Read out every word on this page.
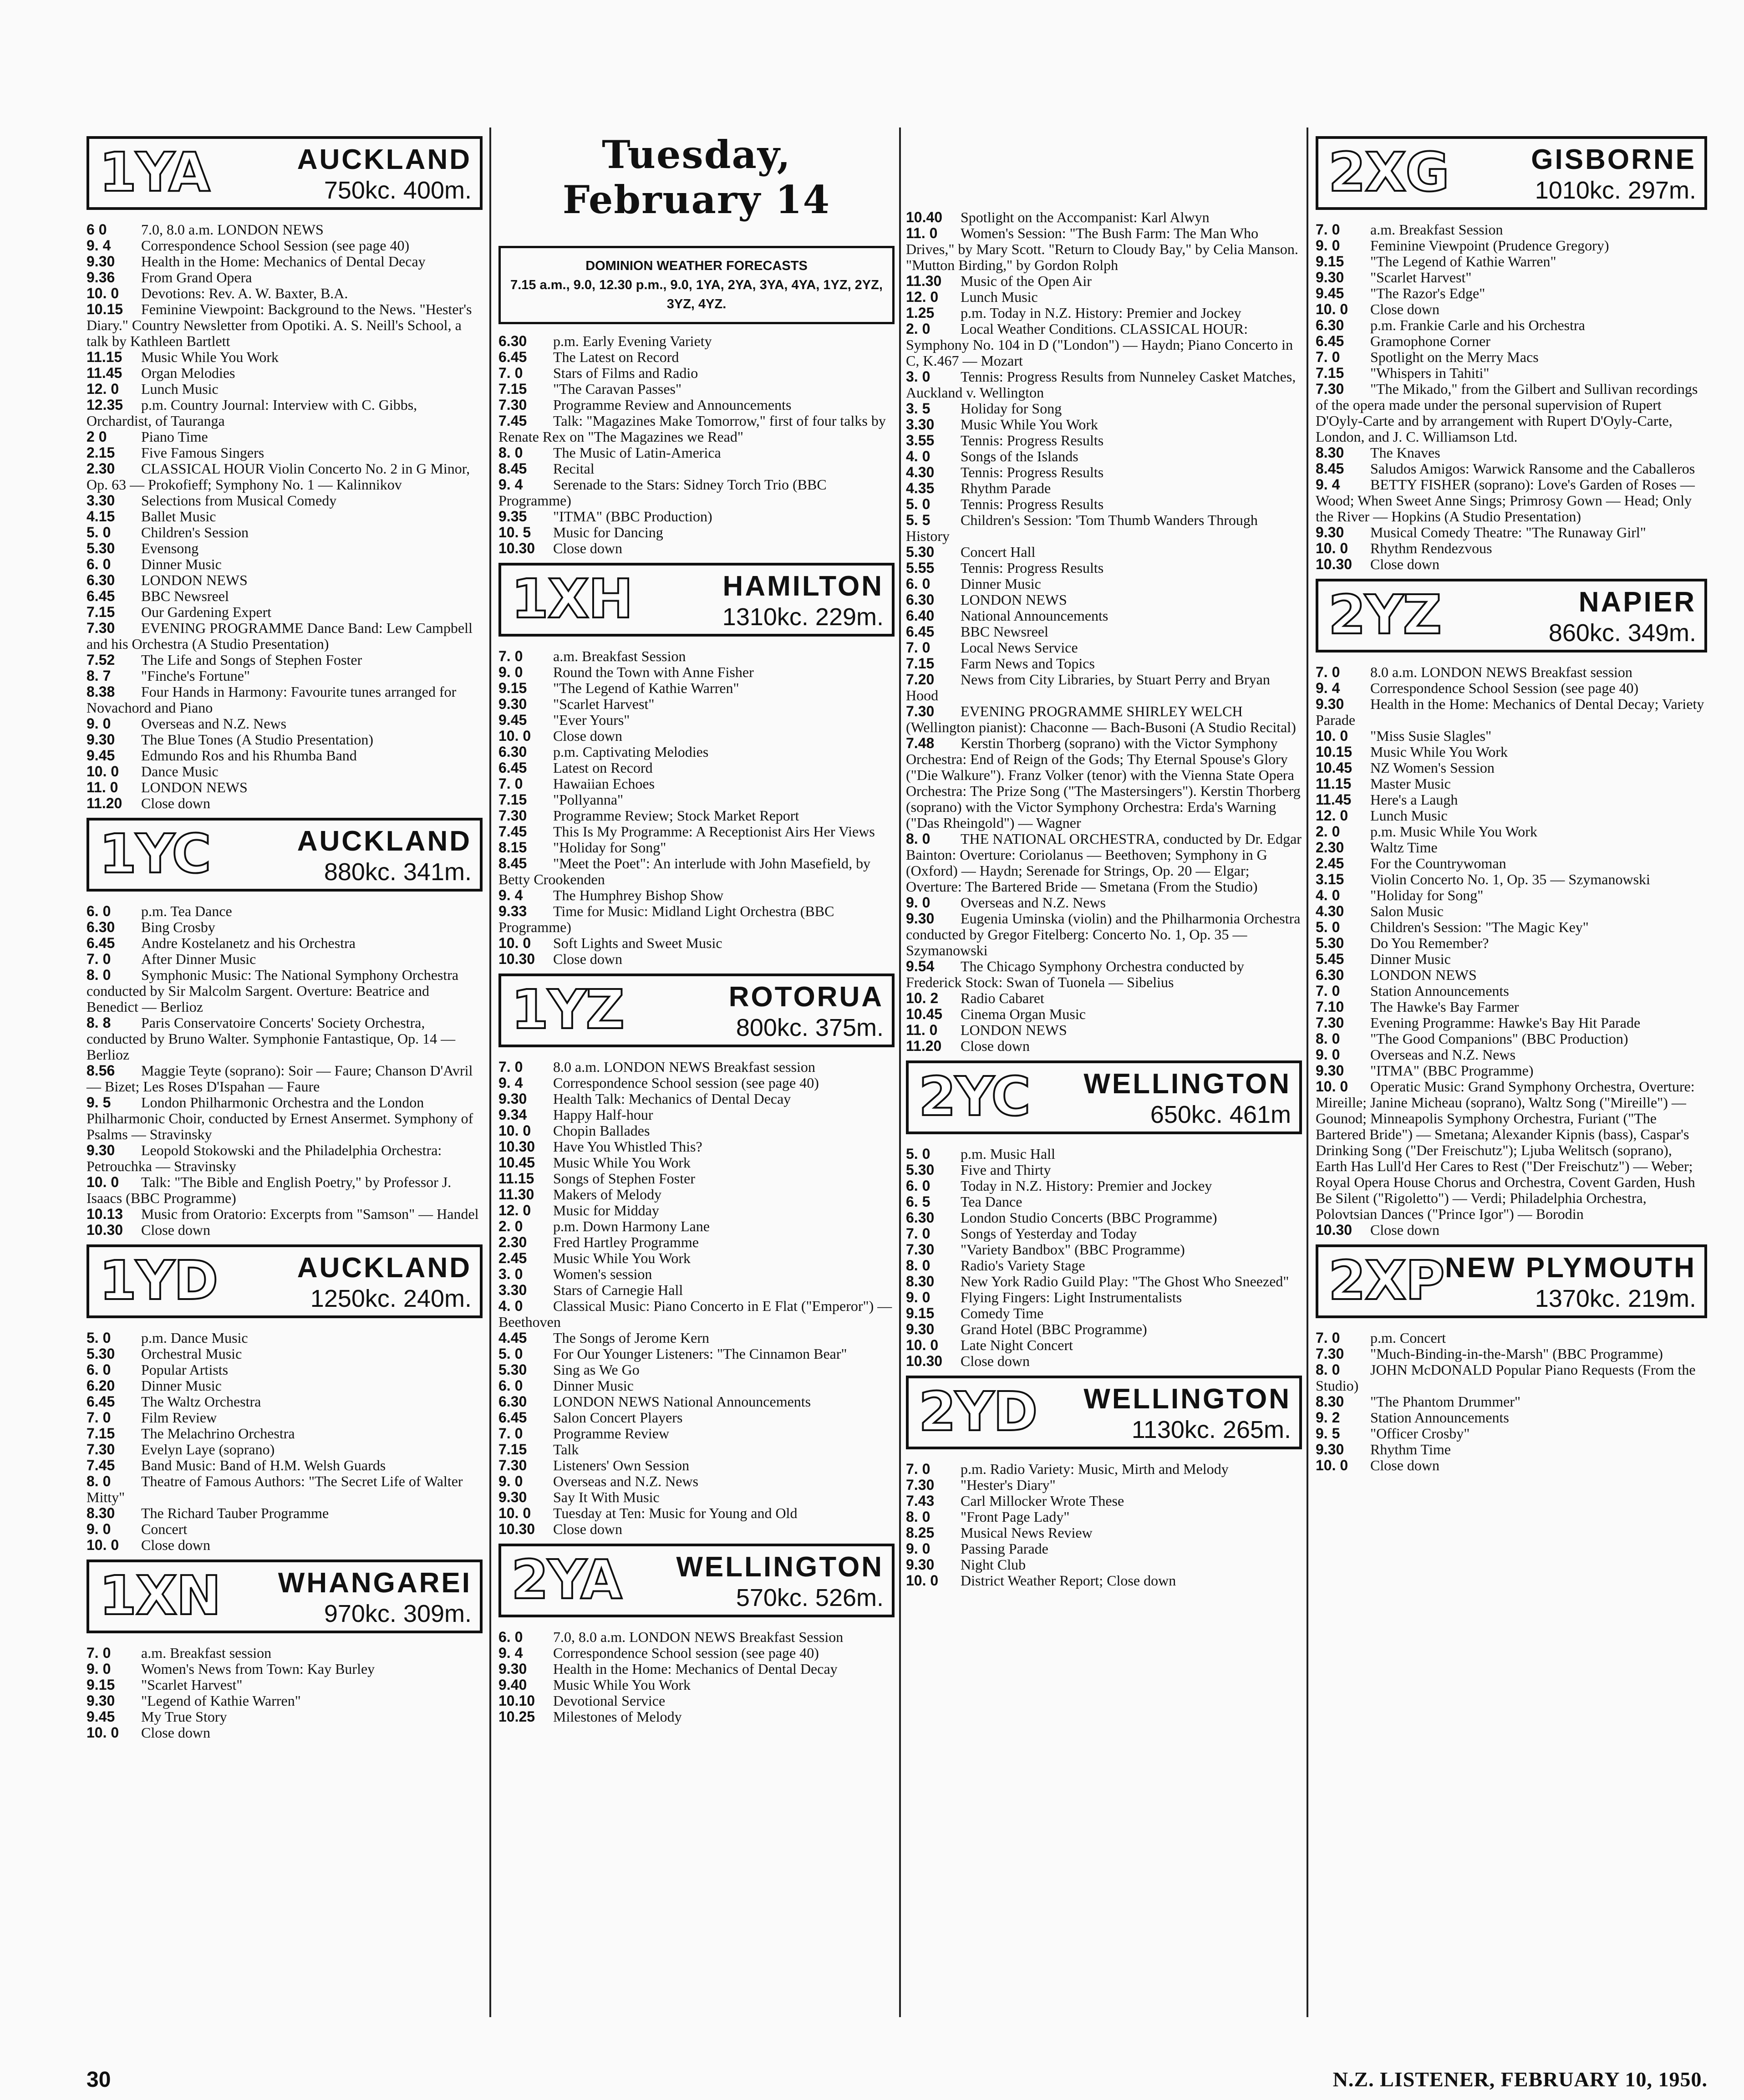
Tuesday, February 14
1YA	AUCKLAND
750kc. 400m.

6 0 7.0, 8.0 a.m. LONDON NEWS

9. 4 Correspondence School Session (see page 40)

9.30 Health in the Home: Mechanics of Dental Decay

9.36 From Grand Opera

10. 0 Devotions: Rev. A. W. Baxter, B.A.

10.15 Feminine Viewpoint: Background to the News. "Hester's Diary." Country Newsletter from Opotiki. A. S. Neill's School, a talk by Kathleen Bartlett

11.15 Music While You Work

11.45 Organ Melodies

12. 0 Lunch Music

12.35 p.m. Country Journal: Interview with C. Gibbs, Orchardist, of Tauranga

2 0 Piano Time

2.15 Five Famous Singers

2.30 CLASSICAL HOUR Violin Concerto No. 2 in G Minor, Op. 63 — Prokofieff; Symphony No. 1 — Kalinnikov

3.30 Selections from Musical Comedy

4.15 Ballet Music

5. 0 Children's Session

5.30 Evensong

6. 0 Dinner Music

6.30 LONDON NEWS

6.45 BBC Newsreel

7.15 Our Gardening Expert

7.30 EVENING PROGRAMME Dance Band: Lew Campbell and his Orchestra (A Studio Presentation)

7.52 The Life and Songs of Stephen Foster

8. 7 "Finche's Fortune"

8.38 Four Hands in Harmony: Favourite tunes arranged for Novachord and Piano

9. 0 Overseas and N.Z. News

9.30 The Blue Tones (A Studio Presentation)

9.45 Edmundo Ros and his Rhumba Band

10. 0 Dance Music

11. 0 LONDON NEWS

11.20 Close down

1YC	AUCKLAND
880kc. 341m.

6. 0 p.m. Tea Dance

6.30 Bing Crosby

6.45 Andre Kostelanetz and his Orchestra

7. 0 After Dinner Music

8. 0 Symphonic Music: The National Symphony Orchestra conducted by Sir Malcolm Sargent. Overture: Beatrice and Benedict — Berlioz

8. 8 Paris Conservatoire Concerts' Society Orchestra, conducted by Bruno Walter. Symphonie Fantastique, Op. 14 — Berlioz

8.56 Maggie Teyte (soprano): Soir — Faure; Chanson D'Avril — Bizet; Les Roses D'Ispahan — Faure

9. 5 London Philharmonic Orchestra and the London Philharmonic Choir, conducted by Ernest Ansermet. Symphony of Psalms — Stravinsky

9.30 Leopold Stokowski and the Philadelphia Orchestra: Petrouchka — Stravinsky

10. 0 Talk: "The Bible and English Poetry," by Professor J. Isaacs (BBC Programme)

10.13 Music from Oratorio: Excerpts from "Samson" — Handel

10.30 Close down

1YD	AUCKLAND
1250kc. 240m.

5. 0 p.m. Dance Music

5.30 Orchestral Music

6. 0 Popular Artists

6.20 Dinner Music

6.45 The Waltz Orchestra

7. 0 Film Review

7.15 The Melachrino Orchestra

7.30 Evelyn Laye (soprano)

7.45 Band Music: Band of H.M. Welsh Guards

8. 0 Theatre of Famous Authors: "The Secret Life of Walter Mitty"

8.30 The Richard Tauber Programme

9. 0 Concert

10. 0 Close down

1XN WHANGAREI
970kc. 309m.

7. 0 a.m. Breakfast session

9. 0 Women's News from Town: Kay Burley

9.15 "Scarlet Harvest"

9.30 "Legend of Kathie Warren"

9.45 My True Story

10. 0 Close down

DOMINION WEATHER FORECASTS
7.15 a.m., 9.0, 12.30 p.m., 9.0, 1YA, 2YA, 3YA, 4YA, 1YZ, 2YZ, 3YZ, 4YZ.

6.30 p.m. Early Evening Variety

6.45 The Latest on Record

7. 0 Stars of Films and Radio

7.15 "The Caravan Passes"

7.30 Programme Review and Announcements

7.45 Talk: "Magazines Make Tomorrow," first of four talks by Renate Rex on "The Magazines we Read"

8. 0 The Music of Latin-America

8.45 Recital

9. 4 Serenade to the Stars: Sidney Torch Trio (BBC Programme)

9.35 "ITMA" (BBC Production)

10. 5 Music for Dancing

10.30 Close down

1XH	HAMILTON
1310kc. 229m.

7. 0 a.m. Breakfast Session

9. 0 Round the Town with Anne Fisher

9.15 "The Legend of Kathie Warren"

9.30 "Scarlet Harvest"

9.45 "Ever Yours"

10. 0 Close down

6.30 p.m. Captivating Melodies

6.45 Latest on Record

7. 0 Hawaiian Echoes

7.15 "Pollyanna"

7.30 Programme Review; Stock Market Report

7.45 This Is My Programme: A Receptionist Airs Her Views

8.15 "Holiday for Song"

8.45 "Meet the Poet": An interlude with John Masefield, by Betty Crookenden

9. 4 The Humphrey Bishop Show

9.33 Time for Music: Midland Light Orchestra (BBC Programme)

10. 0 Soft Lights and Sweet Music

10.30 Close down

1YZ	ROTORUA
800kc. 375m.

7. 0 8.0 a.m. LONDON NEWS Breakfast session

9. 4 Correspondence School session (see page 40)

9.30 Health Talk: Mechanics of Dental Decay

9.34 Happy Half-hour

10. 0 Chopin Ballades

10.30 Have You Whistled This?

10.45 Music While You Work

11.15 Songs of Stephen Foster

11.30 Makers of Melody

12. 0 Music for Midday

2. 0 p.m. Down Harmony Lane

2.30 Fred Hartley Programme

2.45 Music While You Work

3. 0 Women's session

3.30 Stars of Carnegie Hall

4. 0 Classical Music: Piano Concerto in E Flat ("Emperor") — Beethoven

4.45 The Songs of Jerome Kern

5. 0 For Our Younger Listeners: "The Cinnamon Bear"

5.30 Sing as We Go

6. 0 Dinner Music

6.30 LONDON NEWS National Announcements

6.45 Salon Concert Players

7. 0 Programme Review

7.15 Talk

7.30 Listeners' Own Session

9. 0 Overseas and N.Z. News

9.30 Say It With Music

10. 0 Tuesday at Ten: Music for Young and Old

10.30 Close down

2YA WELLINGTON
570kc. 526m.

6. 0 7.0, 8.0 a.m. LONDON NEWS Breakfast Session

9. 4 Correspondence School session (see page 40)

9.30 Health in the Home: Mechanics of Dental Decay

9.40 Music While You Work

10.10 Devotional Service

10.25 Milestones of Melody

10.40 Spotlight on the Accompanist: Karl Alwyn

11. 0 Women's Session: "The Bush Farm: The Man Who Drives," by Mary Scott. "Return to Cloudy Bay," by Celia Manson. "Mutton Birding," by Gordon Rolph

11.30 Music of the Open Air

12. 0 Lunch Music

1.25 p.m. Today in N.Z. History: Premier and Jockey

2. 0 Local Weather Conditions. CLASSICAL HOUR: Symphony No. 104 in D ("London") — Haydn; Piano Concerto in C, K.467 — Mozart

3. 0 Tennis: Progress Results from Nunneley Casket Matches, Auckland v. Wellington

3. 5 Holiday for Song

3.30 Music While You Work

3.55 Tennis: Progress Results

4. 0 Songs of the Islands

4.30 Tennis: Progress Results

4.35 Rhythm Parade

5. 0 Tennis: Progress Results

5. 5 Children's Session: 'Tom Thumb Wanders Through History

5.30 Concert Hall

5.55 Tennis: Progress Results

6. 0 Dinner Music

6.30 LONDON NEWS

6.40 National Announcements

6.45 BBC Newsreel

7. 0 Local News Service

7.15 Farm News and Topics

7.20 News from City Libraries, by Stuart Perry and Bryan Hood

7.30 EVENING PROGRAMME SHIRLEY WELCH (Wellington pianist): Chaconne — Bach-Busoni (A Studio Recital)

7.48 Kerstin Thorberg (soprano) with the Victor Symphony Orchestra: End of Reign of the Gods; Thy Eternal Spouse's Glory ("Die Walkure"). Franz Volker (tenor) with the Vienna State Opera Orchestra: The Prize Song ("The Mastersingers"). Kerstin Thorberg (soprano) with the Victor Symphony Orchestra: Erda's Warning ("Das Rheingold") — Wagner

8. 0 THE NATIONAL ORCHESTRA, conducted by Dr. Edgar Bainton: Overture: Coriolanus — Beethoven; Symphony in G (Oxford) — Haydn; Serenade for Strings, Op. 20 — Elgar; Overture: The Bartered Bride — Smetana (From the Studio)

9. 0 Overseas and N.Z. News

9.30 Eugenia Uminska (violin) and the Philharmonia Orchestra conducted by Gregor Fitelberg: Concerto No. 1, Op. 35 — Szymanowski

9.54 The Chicago Symphony Orchestra conducted by Frederick Stock: Swan of Tuonela — Sibelius

10. 2 Radio Cabaret

10.45 Cinema Organ Music

11. 0 LONDON NEWS

11.20 Close down

2YC WELLINGTON
650kc. 461m

5. 0 p.m. Music Hall

5.30 Five and Thirty

6. 0 Today in N.Z. History: Premier and Jockey

6. 5 Tea Dance

6.30 London Studio Concerts (BBC Programme)

7. 0 Songs of Yesterday and Today

7.30 "Variety Bandbox" (BBC Programme)

8. 0 Radio's Variety Stage

8.30 New York Radio Guild Play: "The Ghost Who Sneezed"

9. 0 Flying Fingers: Light Instrumentalists

9.15 Comedy Time

9.30 Grand Hotel (BBC Programme)

10. 0 Late Night Concert

10.30 Close down

2YD WELLINGTON
1130kc. 265m.

7. 0 p.m. Radio Variety: Music, Mirth and Melody

7.30 "Hester's Diary"

7.43 Carl Millocker Wrote These

8. 0 "Front Page Lady"

8.25 Musical News Review

9. 0 Passing Parade

9.30 Night Club

10. 0 District Weather Report; Close down

2XG	GISBORNE
1010kc. 297m.

7. 0 a.m. Breakfast Session

9. 0 Feminine Viewpoint (Prudence Gregory)

9.15 "The Legend of Kathie Warren"

9.30 "Scarlet Harvest"

9.45 "The Razor's Edge"

10. 0 Close down

6.30 p.m. Frankie Carle and his Orchestra

6.45 Gramophone Corner

7. 0 Spotlight on the Merry Macs

7.15 "Whispers in Tahiti"

7.30 "The Mikado," from the Gilbert and Sullivan recordings of the opera made under the personal supervision of Rupert D'Oyly-Carte and by arrangement with Rupert D'Oyly-Carte, London, and J. C. Williamson Ltd.

8.30 The Knaves

8.45 Saludos Amigos: Warwick Ransome and the Caballeros

9. 4 BETTY FISHER (soprano): Love's Garden of Roses — Wood; When Sweet Anne Sings; Primrosy Gown — Head; Only the River — Hopkins (A Studio Presentation)

9.30 Musical Comedy Theatre: "The Runaway Girl"

10. 0 Rhythm Rendezvous

10.30 Close down

2YZ	NAPIER
860kc. 349m.

7. 0 8.0 a.m. LONDON NEWS Breakfast session

9. 4 Correspondence School Session (see page 40)

9.30 Health in the Home: Mechanics of Dental Decay; Variety Parade

10. 0 "Miss Susie Slagles"

10.15 Music While You Work

10.45 NZ Women's Session

11.15 Master Music

11.45 Here's a Laugh

12. 0 Lunch Music

2. 0 p.m. Music While You Work

2.30 Waltz Time

2.45 For the Countrywoman

3.15 Violin Concerto No. 1, Op. 35 — Szymanowski

4. 0 "Holiday for Song"

4.30 Salon Music

5. 0 Children's Session: "The Magic Key"

5.30 Do You Remember?

5.45 Dinner Music

6.30 LONDON NEWS

7. 0 Station Announcements

7.10 The Hawke's Bay Farmer

7.30 Evening Programme: Hawke's Bay Hit Parade

8. 0 "The Good Companions" (BBC Production)

9. 0 Overseas and N.Z. News

9.30 "ITMA" (BBC Programme)

10. 0 Operatic Music: Grand Symphony Orchestra, Overture: Mireille; Janine Micheau (soprano), Waltz Song ("Mireille") — Gounod; Minneapolis Symphony Orchestra, Furiant ("The Bartered Bride") — Smetana; Alexander Kipnis (bass), Caspar's Drinking Song ("Der Freischutz"); Ljuba Welitsch (soprano), Earth Has Lull'd Her Cares to Rest ("Der Freischutz") — Weber; Royal Opera House Chorus and Orchestra, Covent Garden, Hush Be Silent ("Rigoletto") — Verdi; Philadelphia Orchestra, Polovtsian Dances ("Prince Igor") — Borodin

10.30 Close down

2XP NEW PLYMOUTH
1370kc. 219m.

7. 0 p.m. Concert

7.30 "Much-Binding-in-the-Marsh" (BBC Programme)

8. 0 JOHN McDONALD Popular Piano Requests (From the Studio)

8.30 "The Phantom Drummer"

9. 2 Station Announcements

9. 5 "Officer Crosby"

9.30 Rhythm Time

10. 0 Close down

30	N.Z. LISTENER, FEBRUARY 10, 1950.
